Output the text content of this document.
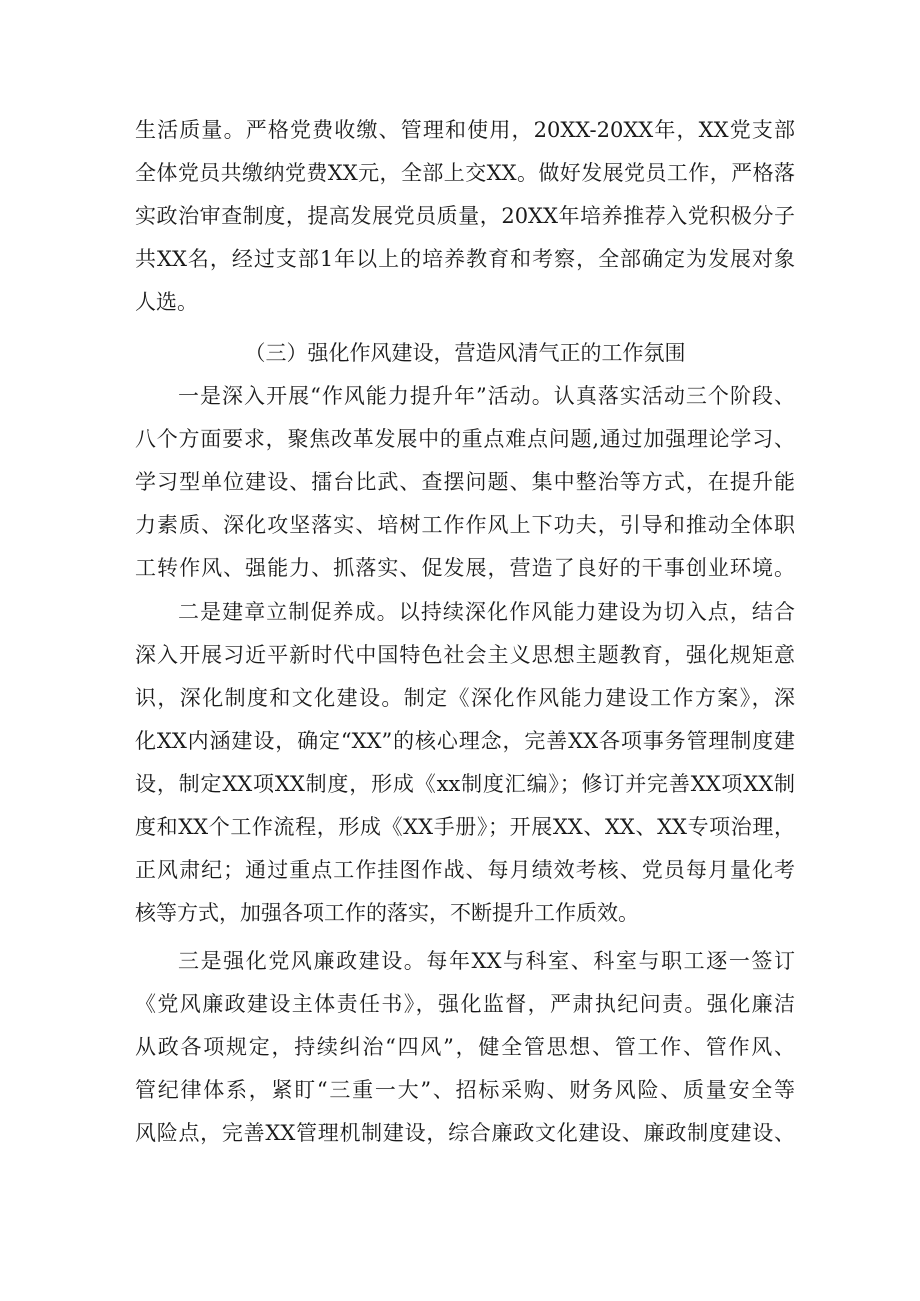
生活质量。严格党费收缴、管理和使用，20XX-20XX年，XX党支部
全体党员共缴纳党费XX元，全部上交XX。做好发展党员工作，严格落
实政治审查制度，提高发展党员质量，20XX年培养推荐入党积极分子
共XX名，经过支部1年以上的培养教育和考察，全部确定为发展对象
人选。
（三）强化作风建设，营造风清气正的工作氛围
一是深入开展“作风能力提升年”活动。认真落实活动三个阶段、
八个方面要求，聚焦改革发展中的重点难点问题,通过加强理论学习、
学习型单位建设、擂台比武、查摆问题、集中整治等方式，在提升能
力素质、深化攻坚落实、培树工作作风上下功夫，引导和推动全体职
工转作风、强能力、抓落实、促发展，营造了良好的干事创业环境。
二是建章立制促养成。以持续深化作风能力建设为切入点，结合
深入开展习近平新时代中国特色社会主义思想主题教育，强化规矩意
识，深化制度和文化建设。制定《深化作风能力建设工作方案》，深
化XX内涵建设，确定“XX”的核心理念，完善XX各项事务管理制度建
设，制定XX项XX制度，形成《xx制度汇编》；修订并完善XX项XX制
度和XX个工作流程，形成《XX手册》；开展XX、XX、XX专项治理，
正风肃纪；通过重点工作挂图作战、每月绩效考核、党员每月量化考
核等方式，加强各项工作的落实，不断提升工作质效。
三是强化党风廉政建设。每年XX与科室、科室与职工逐一签订
《党风廉政建设主体责任书》，强化监督，严肃执纪问责。强化廉洁
从政各项规定，持续纠治“四风”，健全管思想、管工作、管作风、
管纪律体系，紧盯“三重一大”、招标采购、财务风险、质量安全等
风险点，完善XX管理机制建设，综合廉政文化建设、廉政制度建设、
